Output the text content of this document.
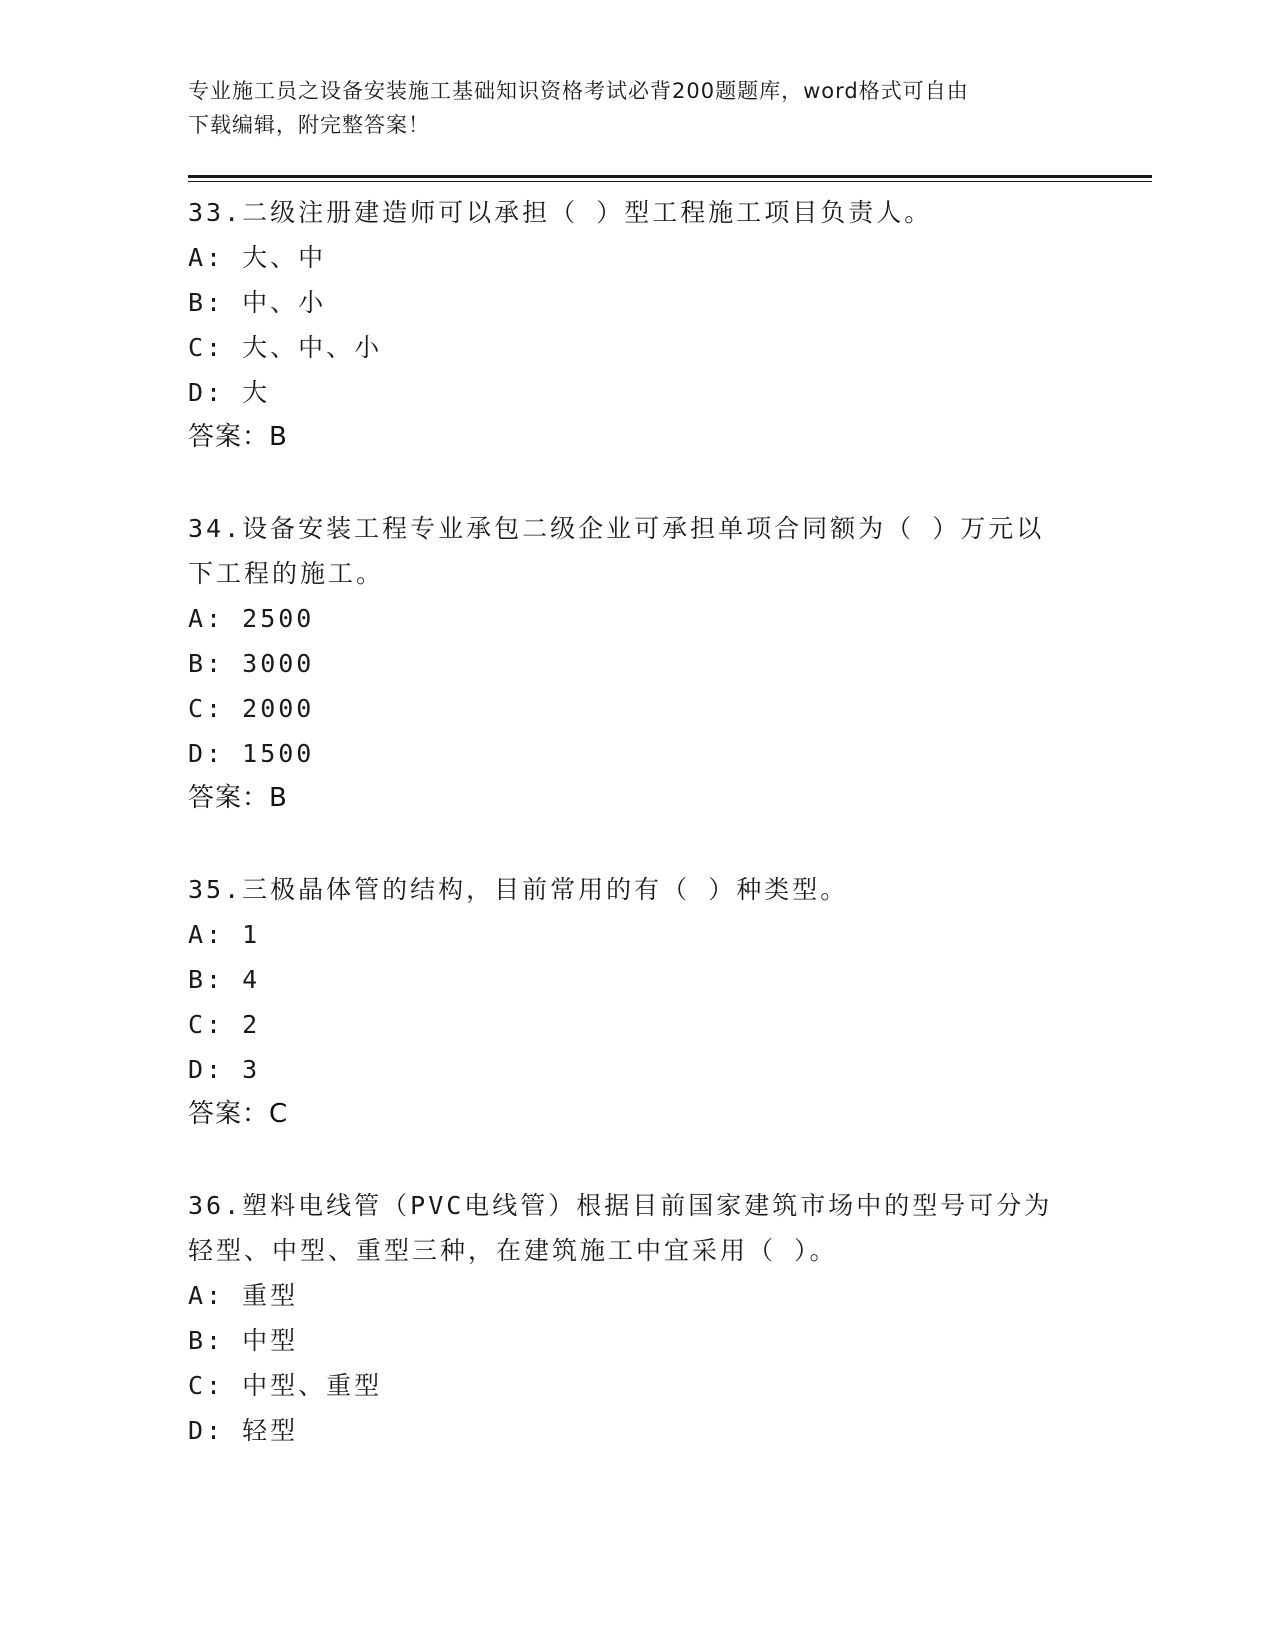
专业施工员之设备安装施工基础知识资格考试必背200题题库，word格式可自由
下载编辑，附完整答案！
33.二级注册建造师可以承担（ ）型工程施工项目负责人。
A: 大、中
B: 中、小
C: 大、中、小
D: 大
答案：B
34.设备安装工程专业承包二级企业可承担单项合同额为（ ）万元以下工程的施工。
A: 2500
B: 3000
C: 2000
D: 1500
答案：B
35.三极晶体管的结构，目前常用的有（ ）种类型。
A: 1
B: 4
C: 2
D: 3
答案：C
36.塑料电线管（PVC电线管）根据目前国家建筑市场中的型号可分为轻型、中型、重型三种，在建筑施工中宜采用（ ）。
A: 重型
B: 中型
C: 中型、重型
D: 轻型
